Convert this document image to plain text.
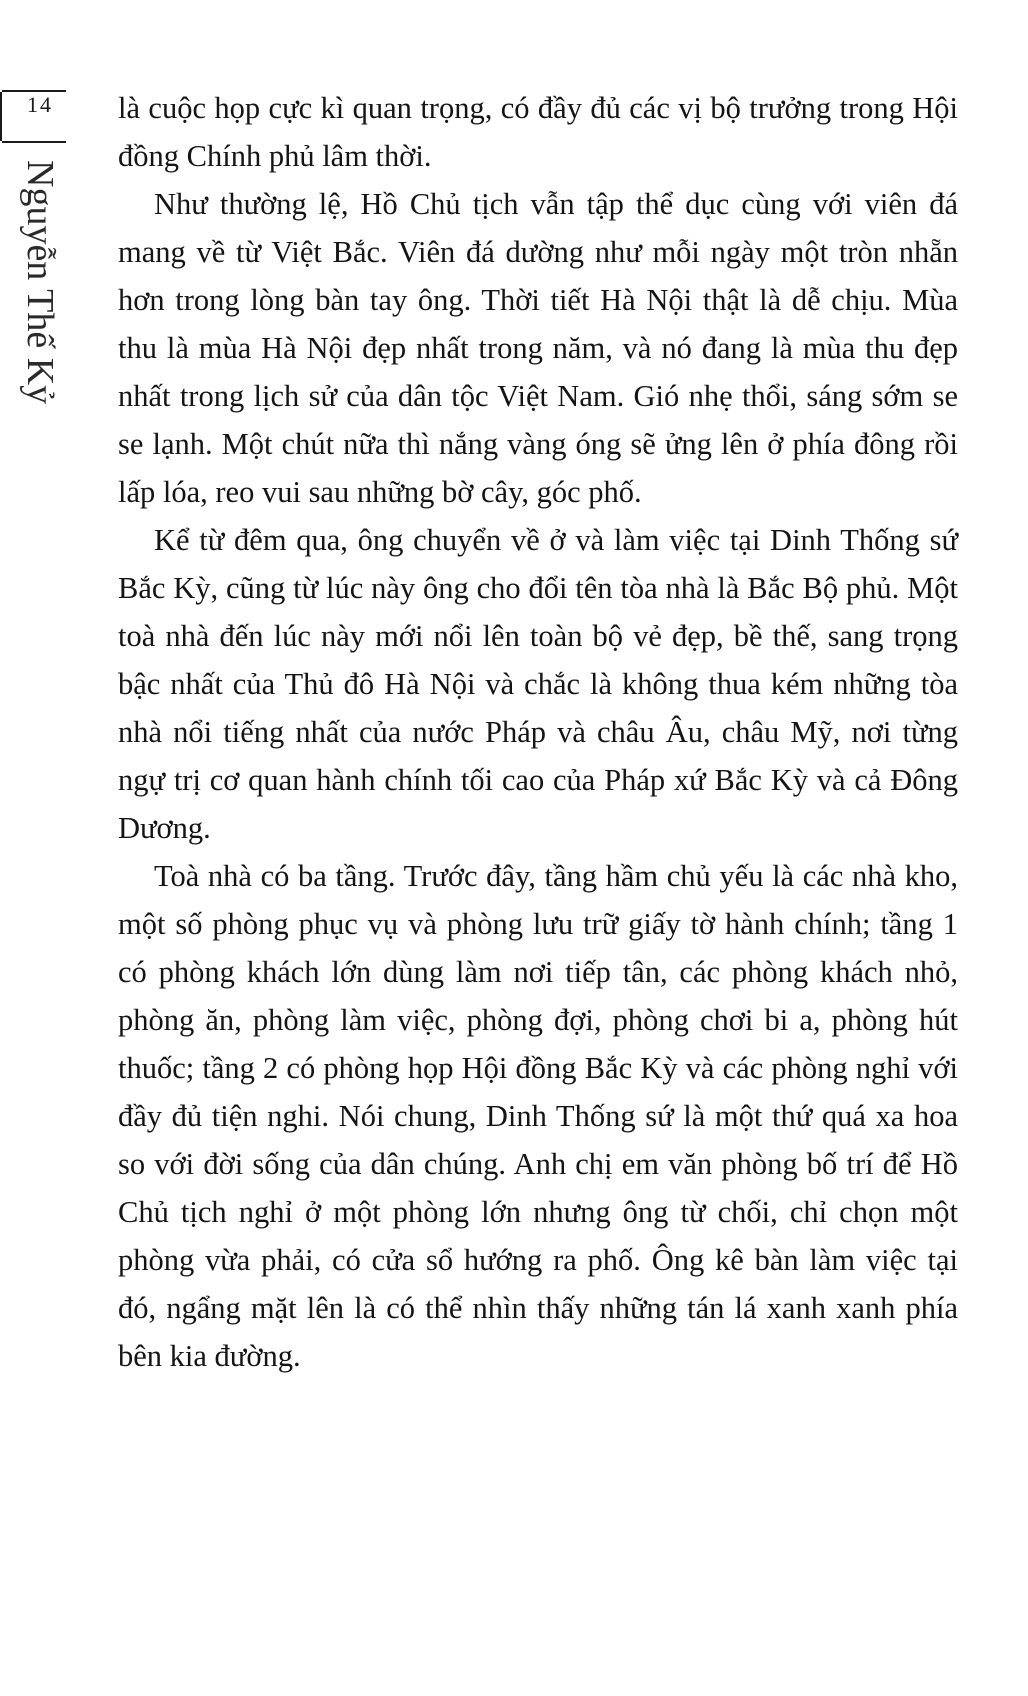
14
Nguyễn Thế Kỷ

là cuộc họp cực kì quan trọng, có đầy đủ các vị bộ trưởng trong Hội đồng Chính phủ lâm thời.

Như thường lệ, Hồ Chủ tịch vẫn tập thể dục cùng với viên đá mang về từ Việt Bắc. Viên đá dường như mỗi ngày một tròn nhẵn hơn trong lòng bàn tay ông. Thời tiết Hà Nội thật là dễ chịu. Mùa thu là mùa Hà Nội đẹp nhất trong năm, và nó đang là mùa thu đẹp nhất trong lịch sử của dân tộc Việt Nam. Gió nhẹ thổi, sáng sớm se se lạnh. Một chút nữa thì nắng vàng óng sẽ ửng lên ở phía đông rồi lấp lóa, reo vui sau những bờ cây, góc phố.

Kể từ đêm qua, ông chuyển về ở và làm việc tại Dinh Thống sứ Bắc Kỳ, cũng từ lúc này ông cho đổi tên tòa nhà là Bắc Bộ phủ. Một toà nhà đến lúc này mới nổi lên toàn bộ vẻ đẹp, bề thế, sang trọng bậc nhất của Thủ đô Hà Nội và chắc là không thua kém những tòa nhà nổi tiếng nhất của nước Pháp và châu Âu, châu Mỹ, nơi từng ngự trị cơ quan hành chính tối cao của Pháp xứ Bắc Kỳ và cả Đông Dương.

Toà nhà có ba tầng. Trước đây, tầng hầm chủ yếu là các nhà kho, một số phòng phục vụ và phòng lưu trữ giấy tờ hành chính; tầng 1 có phòng khách lớn dùng làm nơi tiếp tân, các phòng khách nhỏ, phòng ăn, phòng làm việc, phòng đợi, phòng chơi bi a, phòng hút thuốc; tầng 2 có phòng họp Hội đồng Bắc Kỳ và các phòng nghỉ với đầy đủ tiện nghi. Nói chung, Dinh Thống sứ là một thứ quá xa hoa so với đời sống của dân chúng. Anh chị em văn phòng bố trí để Hồ Chủ tịch nghỉ ở một phòng lớn nhưng ông từ chối, chỉ chọn một phòng vừa phải, có cửa sổ hướng ra phố. Ông kê bàn làm việc tại đó, ngẩng mặt lên là có thể nhìn thấy những tán lá xanh xanh phía bên kia đường.
